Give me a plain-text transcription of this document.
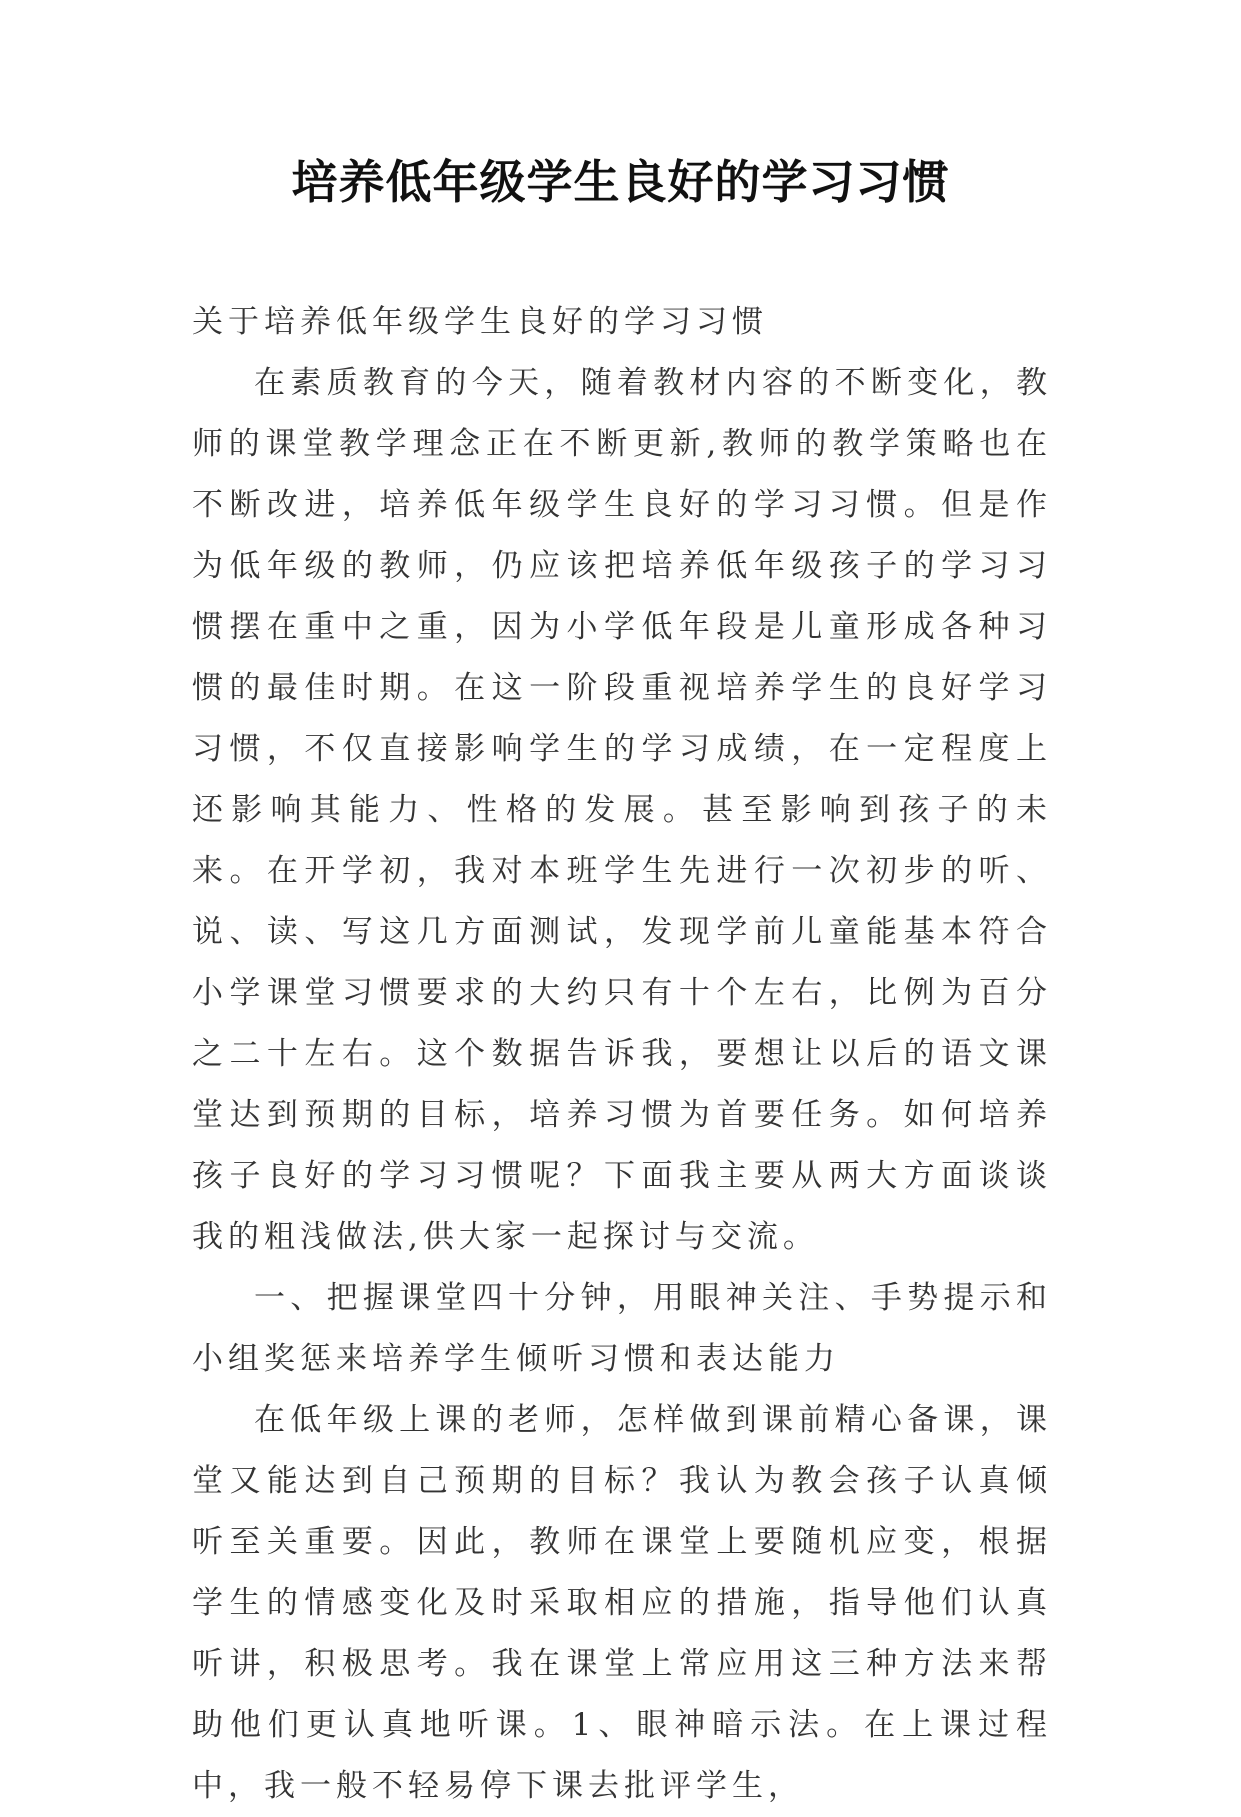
培养低年级学生良好的学习习惯

关于培养低年级学生良好的学习习惯

在素质教育的今天，随着教材内容的不断变化，教师的课堂教学理念正在不断更新,教师的教学策略也在不断改进，培养低年级学生良好的学习习惯。但是作为低年级的教师，仍应该把培养低年级孩子的学习习惯摆在重中之重，因为小学低年段是儿童形成各种习惯的最佳时期。在这一阶段重视培养学生的良好学习习惯，不仅直接影响学生的学习成绩，在一定程度上还影响其能力、性格的发展。甚至影响到孩子的未来。在开学初，我对本班学生先进行一次初步的听、说、读、写这几方面测试，发现学前儿童能基本符合小学课堂习惯要求的大约只有十个左右，比例为百分之二十左右。这个数据告诉我，要想让以后的语文课堂达到预期的目标，培养习惯为首要任务。如何培养孩子良好的学习习惯呢？下面我主要从两大方面谈谈我的粗浅做法,供大家一起探讨与交流。

一、把握课堂四十分钟，用眼神关注、手势提示和小组奖惩来培养学生倾听习惯和表达能力

在低年级上课的老师，怎样做到课前精心备课，课堂又能达到自己预期的目标？我认为教会孩子认真倾听至关重要。因此，教师在课堂上要随机应变，根据学生的情感变化及时采取相应的措施，指导他们认真听讲，积极思考。我在课堂上常应用这三种方法来帮助他们更认真地听课。1、眼神暗示法。在上课过程中，我一般不轻易停下课去批评学生，
